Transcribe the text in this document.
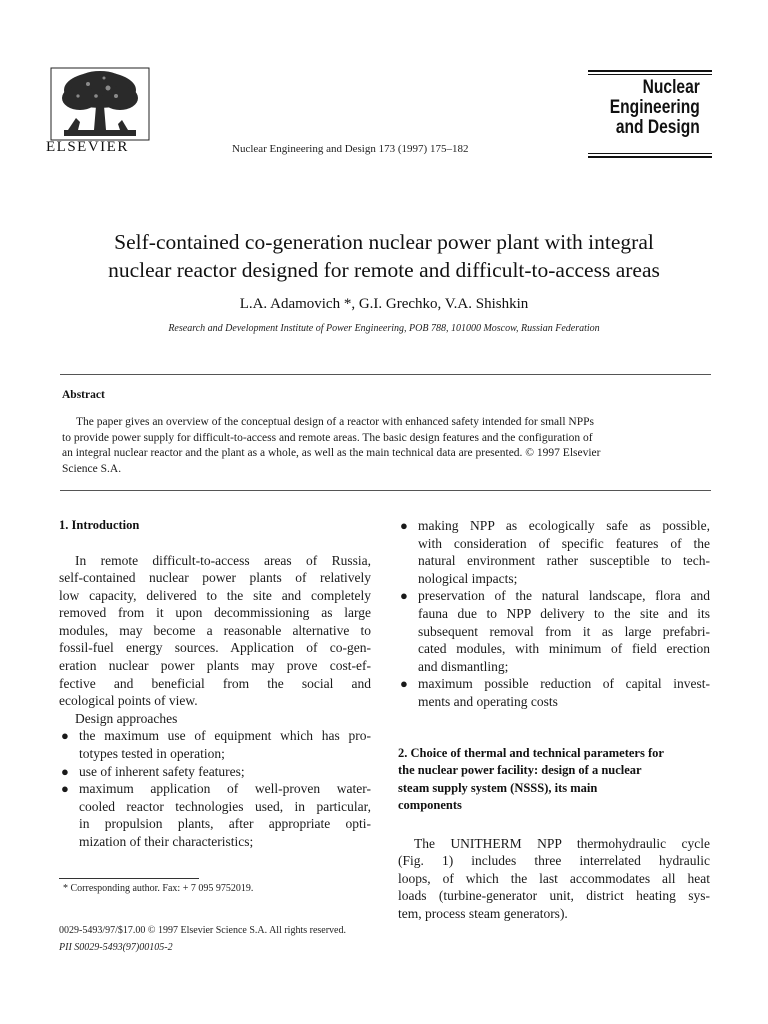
ELSEVIER	Nuclear Engineering and Design 173 (1997) 175–182
Nuclear
Engineering
and Design
Self-contained co-generation nuclear power plant with integral
nuclear reactor designed for remote and difficult-to-access areas
L.A. Adamovich *, G.I. Grechko, V.A. Shishkin
Research and Development Institute of Power Engineering, POB 788, 101000 Moscow, Russian Federation
Abstract
The paper gives an overview of the conceptual design of a reactor with enhanced safety intended for small NPPs
to provide power supply for difficult-to-access and remote areas. The basic design features and the configuration of
an integral nuclear reactor and the plant as a whole, as well as the main technical data are presented. © 1997 Elsevier
Science S.A.
1. Introduction
In remote difficult-to-access areas of Russia,
self-contained nuclear power plants of relatively
low capacity, delivered to the site and completely
removed from it upon decommissioning as large
modules, may become a reasonable alternative to
fossil-fuel energy sources. Application of co-gen-
eration nuclear power plants may prove cost-ef-
fective and beneficial from the social and
ecological points of view.
Design approaches
● the maximum use of equipment which has pro-
totypes tested in operation;
● use of inherent safety features;
● maximum application of well-proven water-
cooled reactor technologies used, in particular,
in propulsion plants, after appropriate opti-
mization of their characteristics;
● making NPP as ecologically safe as possible,
with consideration of specific features of the
natural environment rather susceptible to tech-
nological impacts;
● preservation of the natural landscape, flora and
fauna due to NPP delivery to the site and its
subsequent removal from it as large prefabri-
cated modules, with minimum of field erection
and dismantling;
● maximum possible reduction of capital invest-
ments and operating costs
2. Choice of thermal and technical parameters for
the nuclear power facility: design of a nuclear
steam supply system (NSSS), its main
components
The UNITHERM NPP thermohydraulic cycle
(Fig. 1) includes three interrelated hydraulic
loops, of which the last accommodates all heat
loads (turbine-generator unit, district heating sys-
tem, process steam generators).
* Corresponding author. Fax: + 7 095 9752019.
0029-5493/97/$17.00 © 1997 Elsevier Science S.A. All rights reserved.
PII S0029-5493(97)00105-2
